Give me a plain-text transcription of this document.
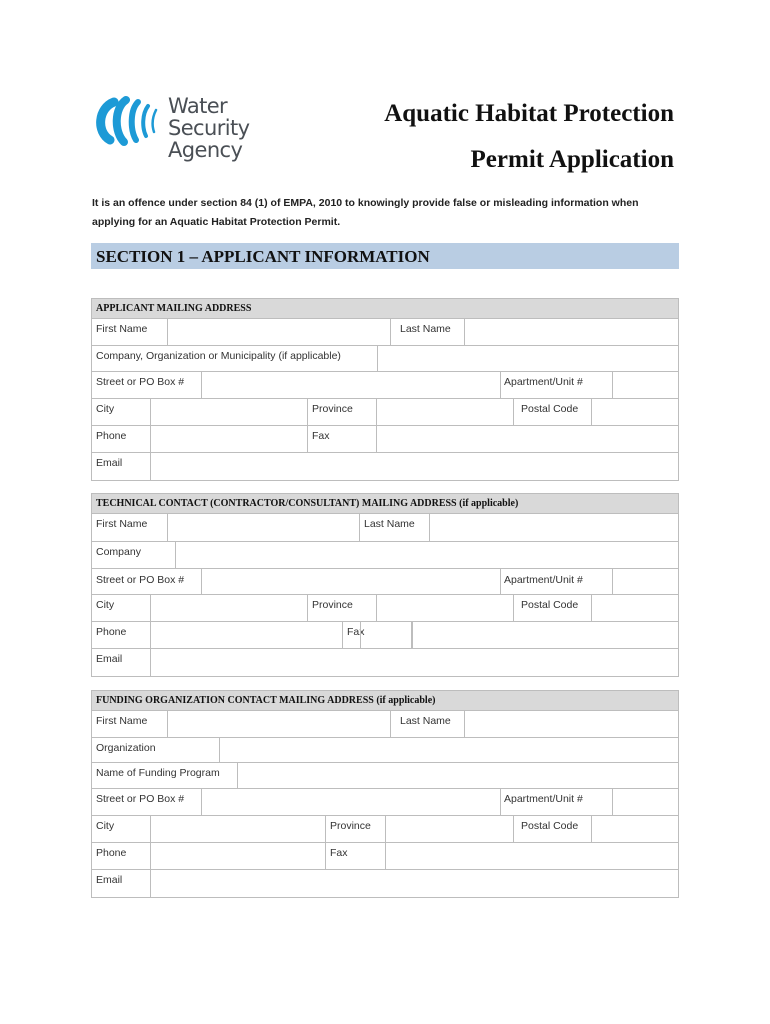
Water Security
Agency
Aquatic Habitat Protection
Permit Application
It is an offence under section 84 (1) of EMPA, 2010 to knowingly provide false or misleading information when applying for an Aquatic Habitat Protection Permit.
SECTION 1 – APPLICANT INFORMATION
APPLICANT MAILING ADDRESS
First Name	Last Name
Company, Organization or Municipality (if applicable)
Street or PO Box #	Apartment/Unit #
City	Province	Postal Code
Phone	Fax
Email
TECHNICAL CONTACT (CONTRACTOR/CONSULTANT) MAILING ADDRESS (if applicable)
First Name	Last Name
Company
Street or PO Box #	Apartment/Unit #
City	Province	Postal Code
Phone	Fax
Email
FUNDING ORGANIZATION CONTACT MAILING ADDRESS (if applicable)
First Name	Last Name
Organization
Name of Funding Program
Street or PO Box #	Apartment/Unit #
City	Province	Postal Code
Phone	Fax
Email
